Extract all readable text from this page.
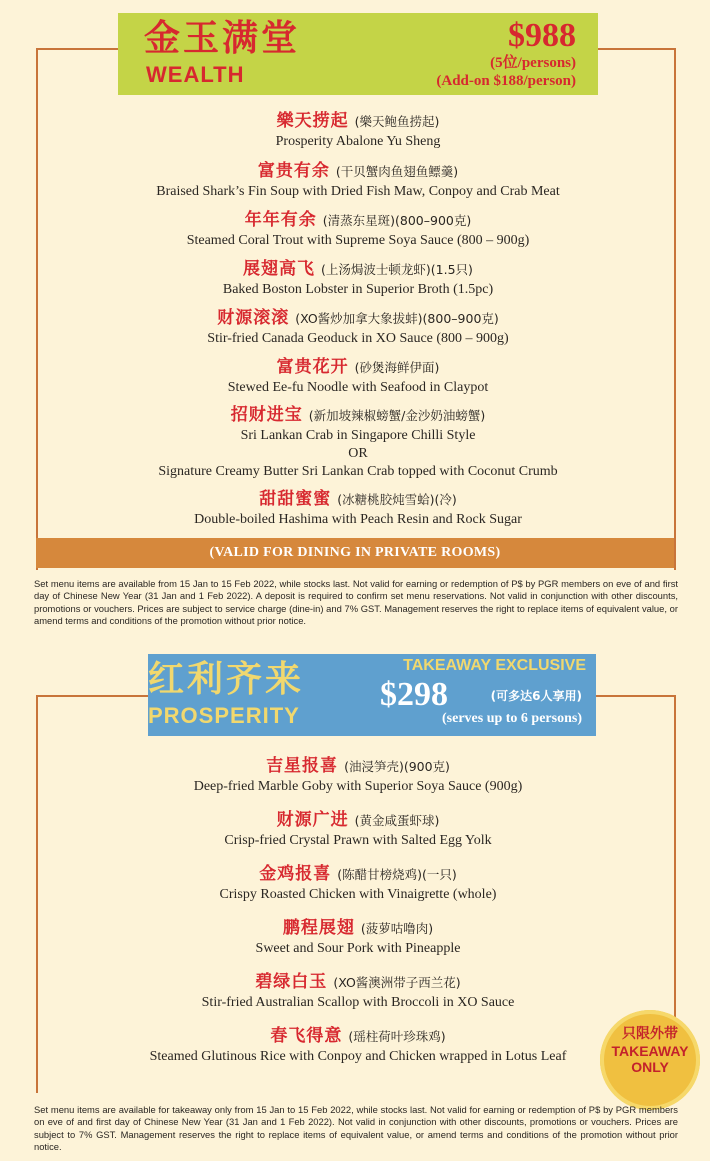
金玉满堂
WEALTH
$988
(5位/persons)
(Add-on $188/person)
樂天捞起 (樂天鲍鱼捞起)
Prosperity Abalone Yu Sheng
富贵有余 (干贝蟹肉鱼翅鱼鳔羹)
Braised Shark’s Fin Soup with Dried Fish Maw, Conpoy and Crab Meat
年年有余 (清蒸东星斑)(800–900克)
Steamed Coral Trout with Supreme Soya Sauce (800 – 900g)
展翅高飞 (上汤焗波士顿龙虾)(1.5只)
Baked Boston Lobster in Superior Broth (1.5pc)
财源滚滚 (XO酱炒加拿大象拔蚌)(800–900克)
Stir-fried Canada Geoduck in XO Sauce (800 – 900g)
富贵花开 (砂煲海鲜伊面)
Stewed Ee-fu Noodle with Seafood in Claypot
招财进宝 (新加坡辣椒螃蟹/金沙奶油螃蟹)
Sri Lankan Crab in Singapore Chilli Style
OR
Signature Creamy Butter Sri Lankan Crab topped with Coconut Crumb
甜甜蜜蜜 (冰糖桃胶炖雪蛤)(冷)
Double-boiled Hashima with Peach Resin and Rock Sugar
(VALID FOR DINING IN PRIVATE ROOMS)
Set menu items are available from 15 Jan to 15 Feb 2022, while stocks last. Not valid for earning or redemption of P$ by PGR members on eve of and first day of Chinese New Year (31 Jan and 1 Feb 2022). A deposit is required to confirm set menu reservations. Not valid in conjunction with other discounts, promotions or vouchers. Prices are subject to service charge (dine-in) and 7% GST. Management reserves the right to replace items of equivalent value, or amend terms and conditions of the promotion without prior notice.
红利齐来
PROSPERITY
TAKEAWAY EXCLUSIVE
$298	(可多达6人享用)
(serves up to 6 persons)
吉星报喜 (油浸笋壳)(900克)
Deep-fried Marble Goby with Superior Soya Sauce (900g)
财源广进 (黄金咸蛋虾球)
Crisp-fried Crystal Prawn with Salted Egg Yolk
金鸡报喜 (陈醋甘榜烧鸡)(一只)
Crispy Roasted Chicken with Vinaigrette (whole)
鹏程展翅 (菠萝咕噜肉)
Sweet and Sour Pork with Pineapple
碧绿白玉 (XO酱澳洲带子西兰花)
Stir-fried Australian Scallop with Broccoli in XO Sauce
春飞得意 (瑶柱荷叶珍珠鸡)
Steamed Glutinous Rice with Conpoy and Chicken wrapped in Lotus Leaf
只限外带
TAKEAWAY
ONLY
Set menu items are available for takeaway only from 15 Jan to 15 Feb 2022, while stocks last. Not valid for earning or redemption of P$ by PGR members on eve of and first day of Chinese New Year (31 Jan and 1 Feb 2022). Not valid in conjunction with other discounts, promotions or vouchers. Prices are subject to 7% GST. Management reserves the right to replace items of equivalent value, or amend terms and conditions of the promotion without prior notice.
